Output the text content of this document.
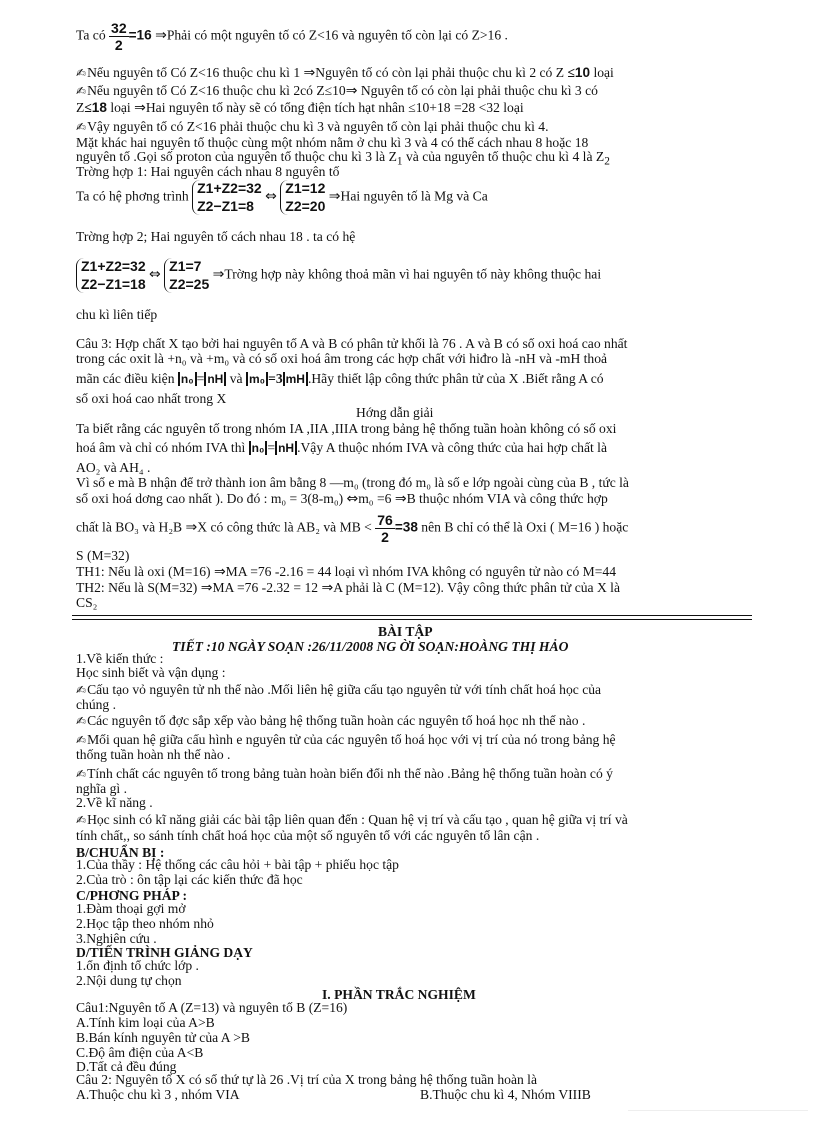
Ta có $\frac{32}{2} =16$ ⇒Phải có một nguyên tố có Z<16 và nguyên tố còn lại có Z>16 .
✍Nếu nguyên tố Có Z<16 thuộc chu kì 1 ⇒Nguyên tố có còn lại phải thuộc chu kì 2 có Z ≤10 loại
✍Nếu nguyên tố Có Z<16 thuộc chu kì 2có Z≤10⇒ Nguyên tố có còn lại phải thuộc chu kì 3 có
Z≤18 loại ⇒Hai nguyên tố này sẽ có tổng điện tích hạt nhân ≤10+18 =28 <32 loại
✍Vậy nguyên tố có Z<16 phải thuộc chu kì 3 và nguyên tố còn lại phải thuộc chu kì 4.
Mặt khác hai nguyên tố thuộc cùng một nhóm nằm ở chu kì 3 và 4 có thể cách nhau 8 hoặc 18
nguyên tố .Gọi số proton của nguyên tố thuộc chu kì 3 là $Z_1$ và của nguyên tố thuộc chu kì 4 là $Z_2$
Trờng hợp 1: Hai nguyên cách nhau 8 nguyên tố
Ta có hệ phơng trình Z1+Z2=32
Z2−Z1=8 ⇔ Z1=12
Z2=20 ⇒Hai nguyên tố là Mg và Ca
Trờng hợp 2; Hai nguyên tố cách nhau 18 . ta có hệ
Z1+Z2=32
Z2−Z1=18 ⇔ Z1=7
Z2=25 ⇒Trờng hợp này không thoả mãn vì hai nguyên tố này không thuộc hai
chu kì liên tiếp
Câu 3: Hợp chất X tạo bởi hai nguyên tố A và B có phân tử khối là 76 . A và B có số oxi hoá cao nhất
trong các oxit là +n₀ và +m₀ và có số oxi hoá âm trong các hợp chất với hiđro là -nH và -mH thoả
mãn các điều kiện n₀ = nH và m₀ =3 mH .Hãy thiết lập công thức phân tử của X .Biết rằng A có
số oxi hoá cao nhất trong X
Hớng dẫn giải
Ta biết rằng các nguyên tố trong nhóm IA ,IIA ,IIIA trong bảng hệ thống tuần hoàn không có số oxi
hoá âm và chỉ có nhóm IVA thì n₀ = nH .Vậy A thuộc nhóm IVA và công thức của hai hợp chất là
AO₂ và AH₄ .
Vì số e mà B nhận để trở thành ion âm bằng 8 —m₀ (trong đó m₀ là số e lớp ngoài cùng của B , tức là
số oxi hoá dơng cao nhất ). Do đó : m₀ = 3(8-m₀) ⇔m₀ =6 ⇒B thuộc nhóm VIA và công thức hợp
chất là BO₃ và H₂B ⇒X có công thức là AB₂ và MB < $\frac{76}{2} =38$ nên B chỉ có thể là Oxi ( M=16 ) hoặc
S (M=32)
TH1: Nếu là oxi (M=16) ⇒MA =76 -2.16 = 44 loại vì nhóm IVA không có nguyên tử nào có M=44
TH2: Nếu là S(M=32) ⇒MA =76 -2.32 = 12 ⇒A phải là C (M=12). Vậy công thức phân tử của X là
CS₂
BÀI TẬP
TIẾT :10 NGÀY SOẠN :26/11/2008 NG ỜI SOẠN:HOÀNG THỊ HẢO
1.Về kiến thức :
Học sinh biết và vận dụng :
✍Cấu tạo vỏ nguyên tử nh thế nào .Mối liên hệ giữa cấu tạo nguyên tử với tính chất hoá học của
chúng .
✍Các nguyên tố đợc sắp xếp vào bảng hệ thống tuần hoàn các nguyên tố hoá học nh thế nào .
✍Mối quan hệ giữa cấu hình e nguyên tử của các nguyên tố hoá học với vị trí của nó trong bảng hệ
thống tuần hoàn nh thế nào .
✍Tính chất các nguyên tố trong bảng tuàn hoàn biến đổi nh thế nào .Bảng hệ thống tuần hoàn có ý
nghĩa gì .
2.Về kĩ năng .
✍Học sinh có kĩ năng giải các bài tập liên quan đến : Quan hệ vị trí và cấu tạo , quan hệ giữa vị trí và
tính chất,, so sánh tính chất hoá học của một số nguyên tố với các nguyên tố lân cận .
B/CHUẨN BỊ :
1.Của thầy : Hệ thống các câu hỏi + bài tập + phiếu học tập
2.Của trò : ôn tập lại các kiến thức đã học
C/PHƠNG PHÁP :
1.Đàm thoại gợi mở
2.Học tập theo nhóm nhỏ
3.Nghiên cứu .
D/TIẾN TRÌNH GIẢNG DẠY
1.ổn định tổ chức lớp .
2.Nội dung tự chọn
I. PHẦN TRẮC NGHIỆM
Câu1:Nguyên tố A (Z=13) và nguyên tố B (Z=16)
A.Tính kim loại của A>B
B.Bán kính nguyên tử của A >B
C.Độ âm điện của A<B
D.Tất cả đều đúng
Câu 2: Nguyên tố X có số thứ tự là 26 .Vị trí của X trong bảng hệ thống tuần hoàn là
A.Thuộc chu kì 3 , nhóm VIA	B.Thuộc chu kì 4, Nhóm VIIIB
